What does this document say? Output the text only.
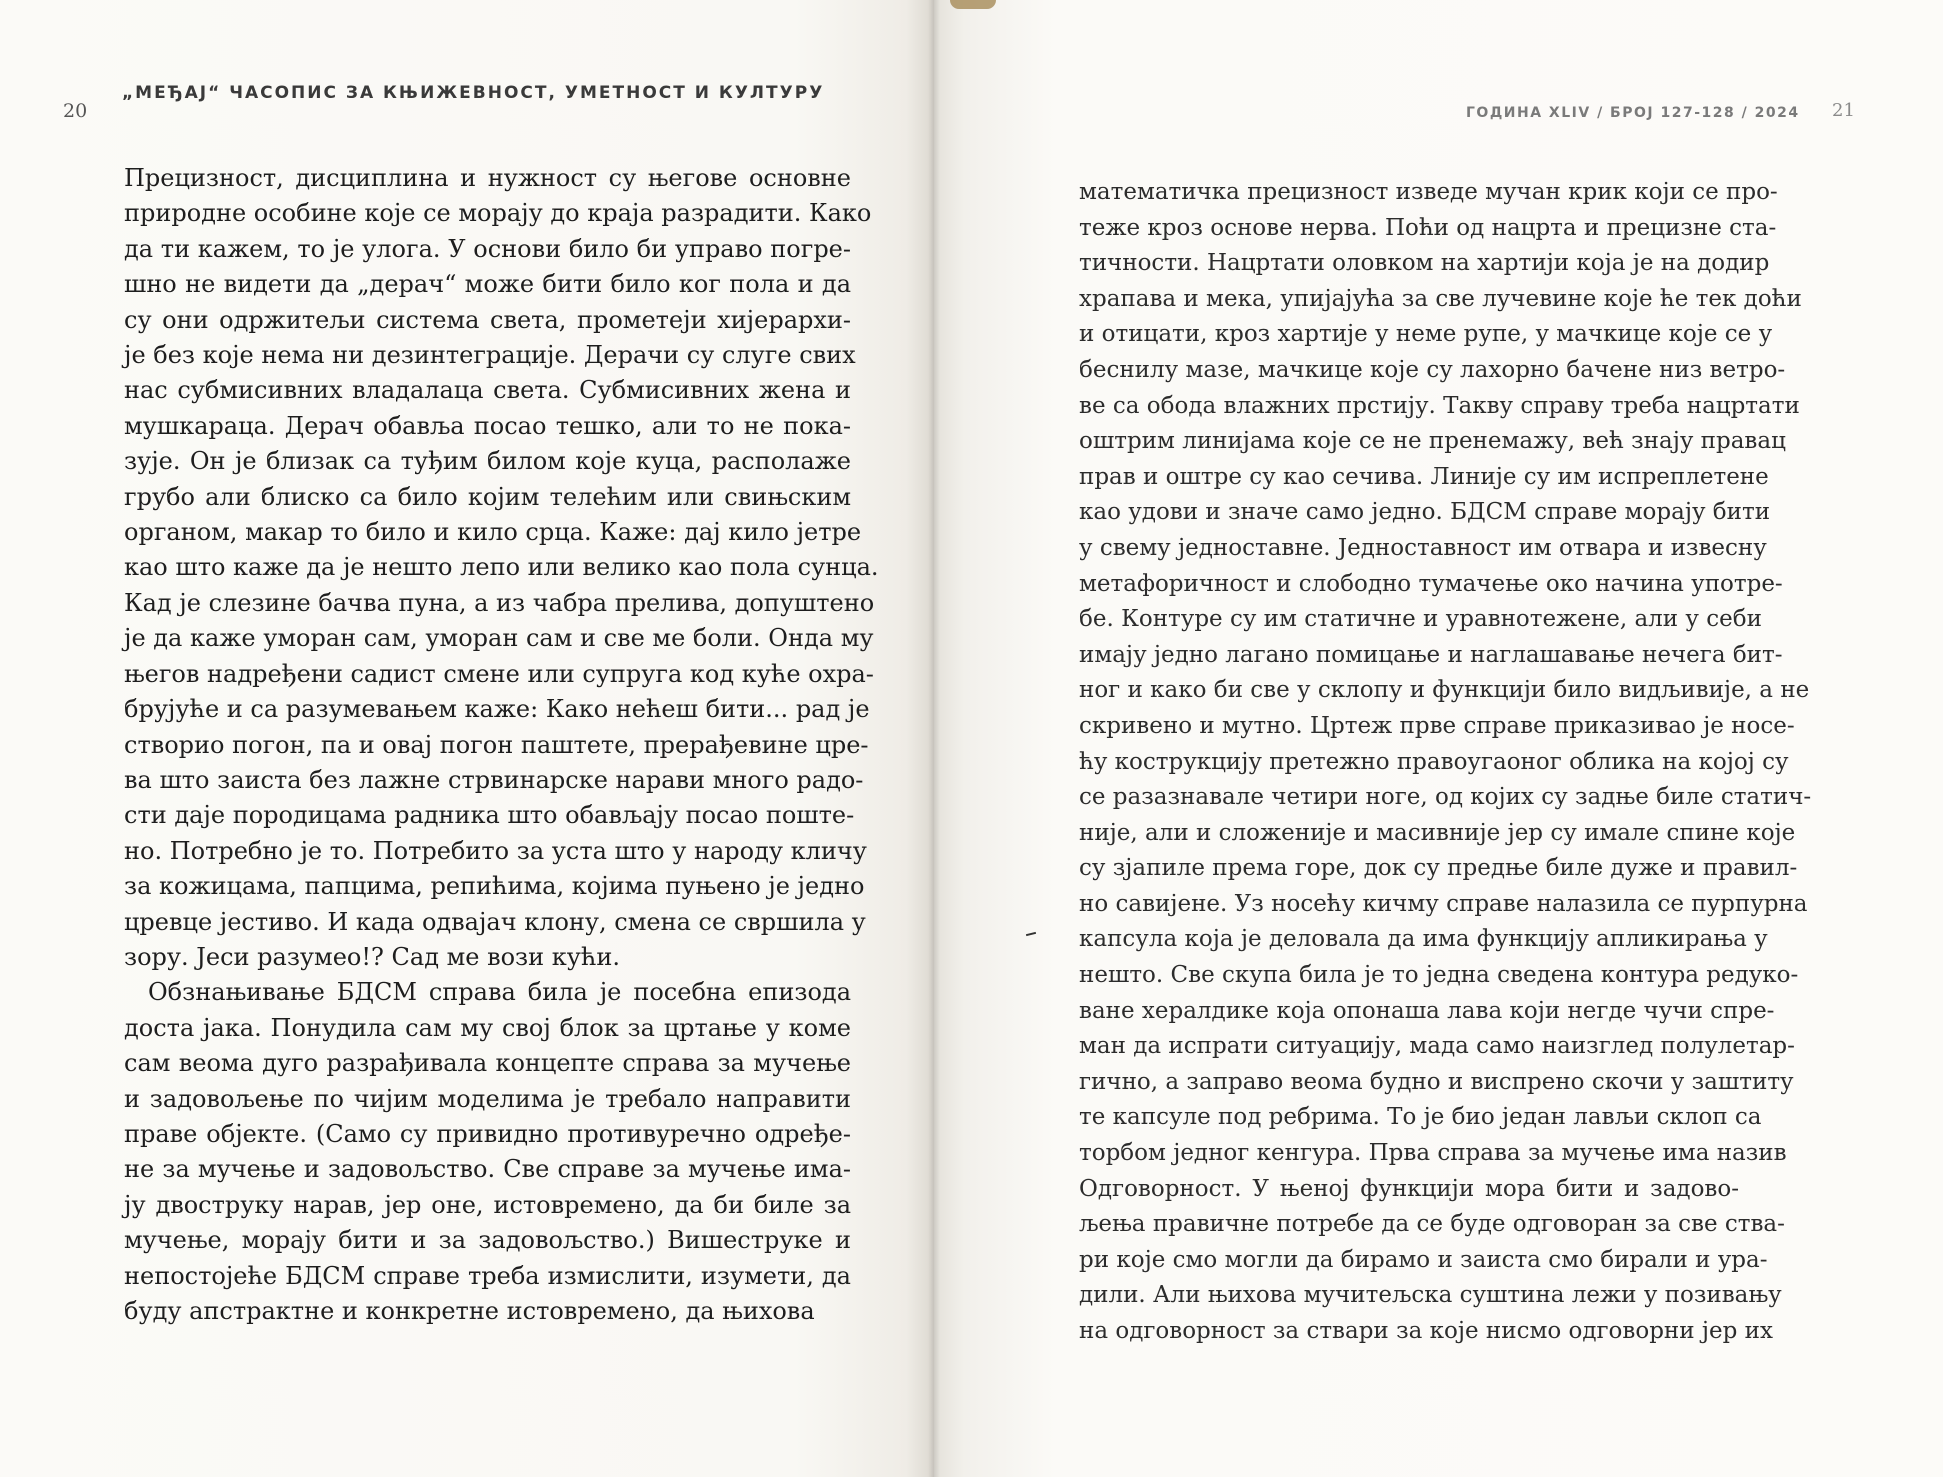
20
„МЕЂАЈ“ ЧАСОПИС ЗА КЊИЖЕВНОСТ, УМЕТНОСТ И КУЛТУРУ
Прецизност, дисциплина и нужност су његове основне
природне особине које се морају до краја разрадити. Како
да ти кажем, то је улога. У основи било би управо погре-
шно не видети да „дерач“ може бити било ког пола и да
су они одржитељи система света, прометеји хијерархи-
је без које нема ни дезинтеграције. Дерачи су слуге свих
нас субмисивних владалаца света. Субмисивних жена и
мушкараца. Дерач обавља посао тешко, али то не пока-
зује. Он је близак са туђим билом које куца, располаже
грубо али блиско са било којим телећим или свињским
органом, макар то било и кило срца. Каже: дај кило јетре
као што каже да је нешто лепо или велико као пола сунца.
Кад је слезине бачва пуна, а из чабра прелива, допуштено
је да каже уморан сам, уморан сам и све ме боли. Онда му
његов надређени садист смене или супруга код куће охра-
брујуће и са разумевањем каже: Како нећеш бити... рад је
створио погон, па и овај погон паштете, прерађевине цре-
ва што заиста без лажне стрвинарске нарави много радо-
сти даје породицама радника што обављају посао поште-
но. Потребно је то. Потребито за уста што у народу кличу
за кожицама, папцима, репићима, којима пуњено је једно
цревце јестиво. И када одвајач клону, смена се свршила у
зору. Јеси разумео!? Сад ме вози кући.
Обзнањивање БДСМ справа била је посебна епизода
доста јака. Понудила сам му свој блок за цртање у коме
сам веома дуго разрађивала концепте справа за мучење
и задовољење по чијим моделима је требало направити
праве објекте. (Само су привидно противуречно одређе-
не за мучење и задовољство. Све справе за мучење има-
ју двоструку нарав, јер оне, истовремено, да би биле за
мучење, морају бити и за задовољство.) Вишеструке и
непостојеће БДСМ справе треба измислити, изумети, да
буду апстрактне и конкретне истовремено, да њихова
ГОДИНА XLIV / БРОЈ 127-128 / 2024 21
математичка прецизност изведе мучан крик који се про-
теже кроз основе нерва. Поћи од нацрта и прецизне ста-
тичности. Нацртати оловком на хартији која је на додир
храпава и мека, упијајућа за све лучевине које ће тек доћи
и отицати, кроз хартије у неме рупе, у мачкице које се у
беснилу мазе, мачкице које су лахорно бачене низ ветро-
ве са обода влажних прстију. Такву справу треба нацртати
оштрим линијама које се не пренемажу, већ знају правац
прав и оштре су као сечива. Линије су им испреплетене
као удови и значе само једно. БДСМ справе морају бити
у свему једноставне. Једноставност им отвара и извесну
метафоричност и слободно тумачење око начина употре-
бе. Контуре су им статичне и уравнотежене, али у себи
имају једно лагано помицање и наглашавање нечега бит-
ног и како би све у склопу и функцији било видљивије, а не
скривено и мутно. Цртеж прве справе приказивао је носе-
ћу кострукцију претежно правоугаоног облика на којој су
се разазнавале четири ноге, од којих су задње биле статич-
није, али и сложеније и масивније јер су имале спине које
су зјапиле према горе, док су предње биле дуже и правил-
но савијене. Уз носећу кичму справе налазила се пурпурна
капсула која је деловала да има функцију апликирања у
нешто. Све скупа била је то једна сведена контура редуко-
ване хералдике која опонаша лава који негде чучи спре-
ман да испрати ситуацију, мада само наизглед полулетар-
гично, а заправо веома будно и виспрено скочи у заштиту
те капсуле под ребрима. То је био један лављи склоп са
торбом једног кенгура. Прва справа за мучење има назив
Одговорност. У њеној функцији мора бити и задово-
љења правичне потребе да се буде одговоран за све ства-
ри које смо могли да бирамо и заиста смо бирали и ура-
дили. Али њихова мучитељска суштина лежи у позивању
на одговорност за ствари за које нисмо одговорни јер их
